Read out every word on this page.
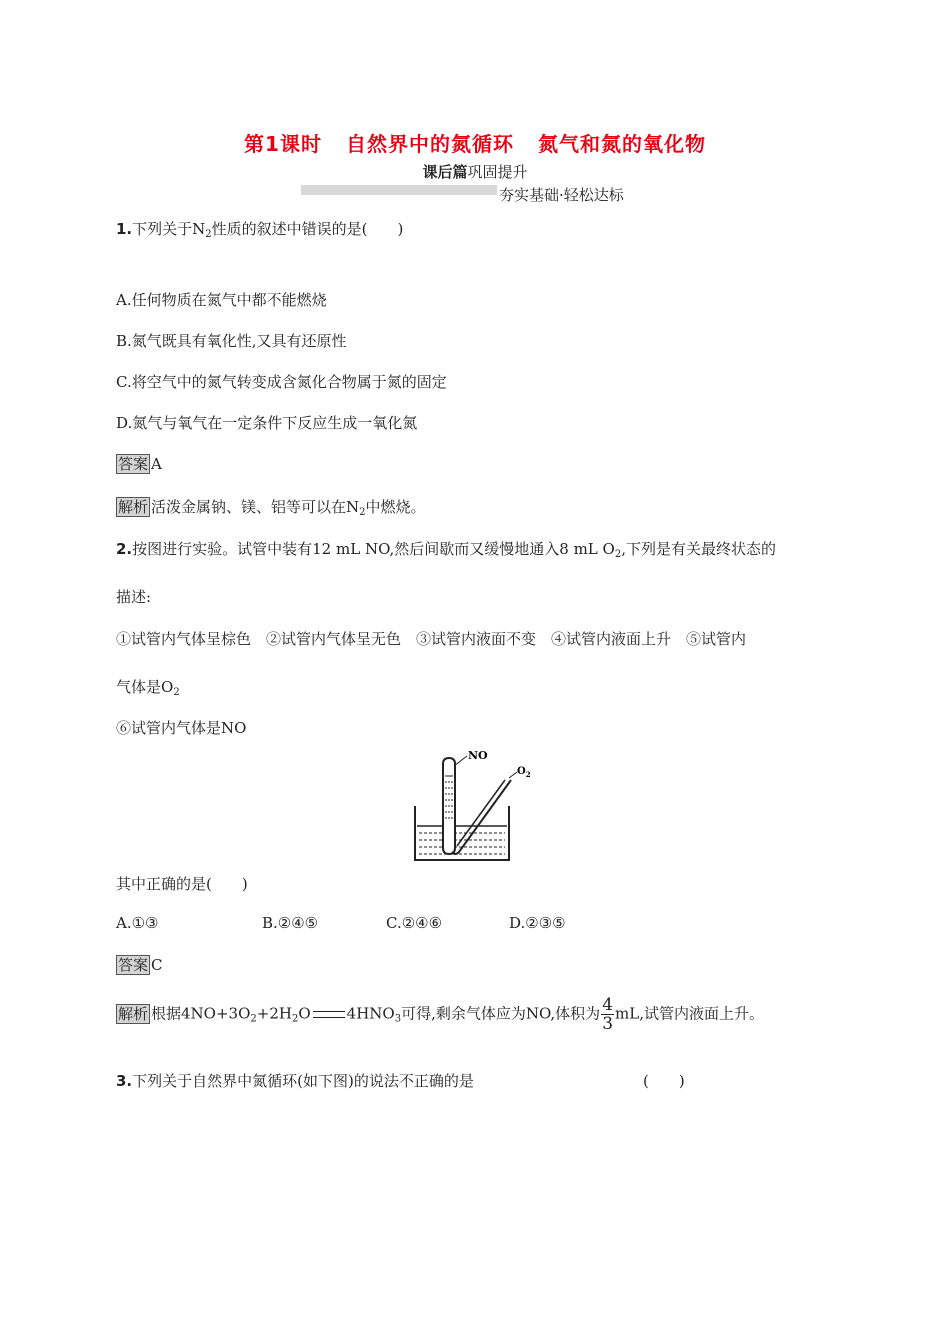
第1课时 自然界中的氮循环 氮气和氮的氧化物
课后篇巩固提升
夯实基础·轻松达标
1.下列关于$N_2$性质的叙述中错误的是(　　)
A.任何物质在氮气中都不能燃烧
B.氮气既具有氧化性,又具有还原性
C.将空气中的氮气转变成含氮化合物属于氮的固定
D.氮气与氧气在一定条件下反应生成一氧化氮
答案 A
解析 活泼金属钠、镁、铝等可以在$N_2$中燃烧。
2.按图进行实验。试管中装有12 mL NO,然后间歇而又缓慢地通入8 mL $O_2$,下列是有关最终状态的
描述:
①试管内气体呈棕色　②试管内气体呈无色　③试管内液面不变　④试管内液面上升　⑤试管内
气体是$O_2$
⑥试管内气体是NO
NO
$O_2$
其中正确的是(　　)
A.①③	B.②④⑤	C.②④⑥	D.②③⑤
答案 C
解析 根据$4NO+3O_2+2H_2O$ $4HNO_3$可得,剩余气体应为NO,体积为 $\frac{4}{3}$ mL,试管内液面上升。
3.下列关于自然界中氮循环(如下图)的说法不正确的是	(　　)
